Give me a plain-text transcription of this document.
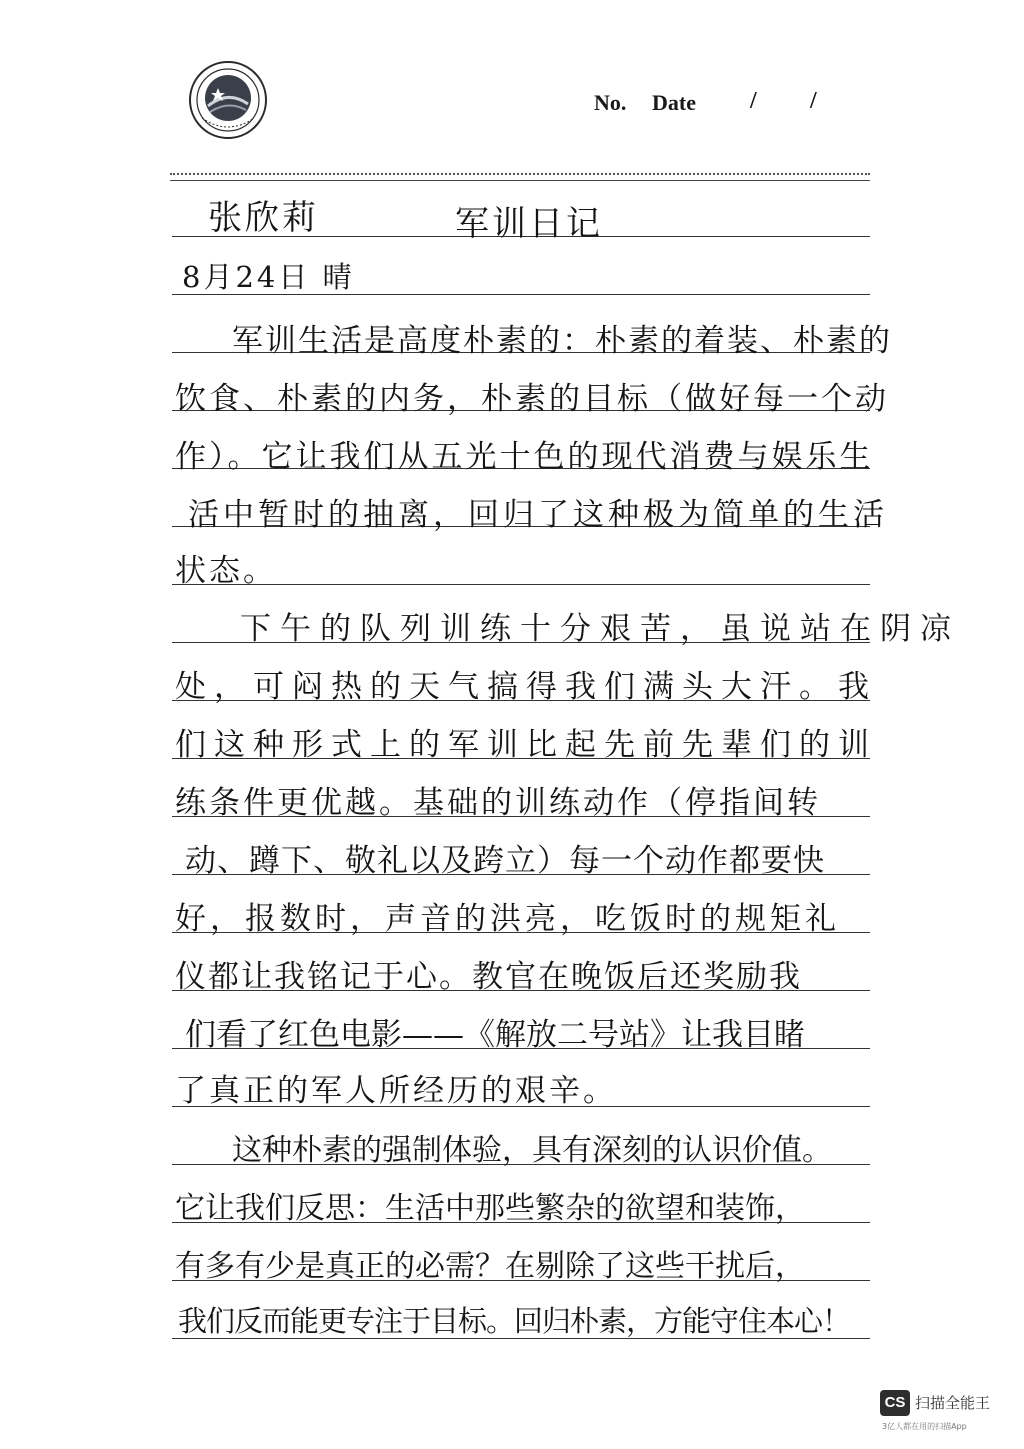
No. Date / /
张欣莉	军训日记
8月24日 晴
军训生活是高度朴素的：朴素的着装、朴素的
饮食、朴素的内务，朴素的目标（做好每一个动
作）。它让我们从五光十色的现代消费与娱乐生
活中暂时的抽离，回归了这种极为简单的生活
状态。
下午的队列训练十分艰苦，虽说站在阴凉
处，可闷热的天气搞得我们满头大汗。我
们这种形式上的军训比起先前先辈们的训
练条件更优越。基础的训练动作（停指间转
动、蹲下、敬礼以及跨立）每一个动作都要快
好，报数时，声音的洪亮，吃饭时的规矩礼
仪都让我铭记于心。教官在晚饭后还奖励我
们看了红色电影——《解放二号站》让我目睹
了真正的军人所经历的艰辛。
这种朴素的强制体验，具有深刻的认识价值。
它让我们反思：生活中那些繁杂的欲望和装饰，
有多有少是真正的必需？在剔除了这些干扰后，
我们反而能更专注于目标。回归朴素，方能守住本心！
CS 扫描全能王
3亿人都在用的扫描App
